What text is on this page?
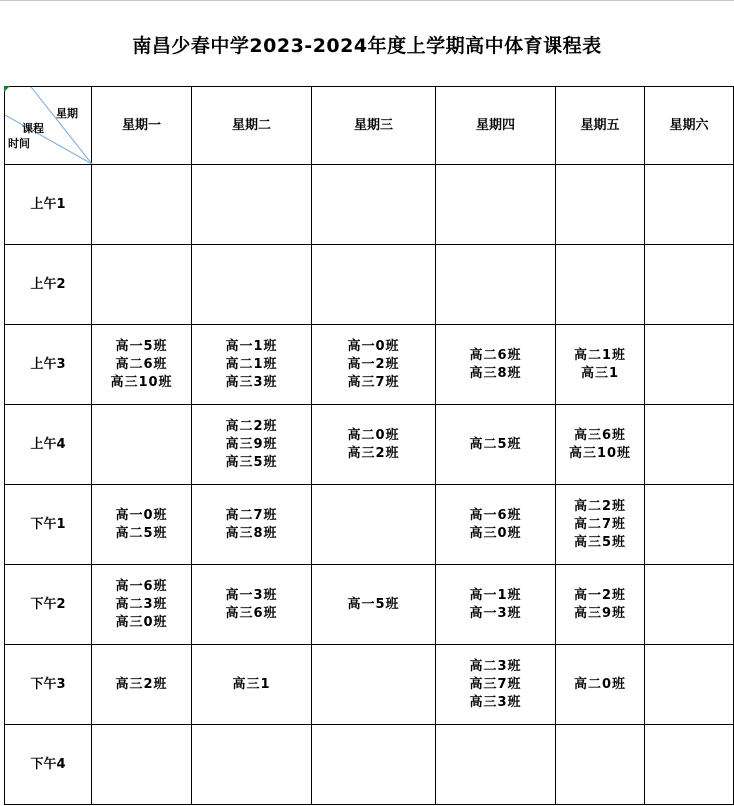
南昌少春中学2023-2024年度上学期高中体育课程表
星期
课程
时间	星期一	星期二	星期三	星期四	星期五	星期六
上午1						
上午2						
上午3	高一5班
高二6班
高三10班	高一1班
高二1班
高三3班	高一0班
高一2班
高三7班	高二6班
高三8班	高二1班
高三1	

上午4		高二2班
高三9班
高三5班	高二0班
高三2班	高二5班	高三6班
高三10班	

下午1	高一0班
高二5班	高二7班
高三8班		高一6班
高三0班	高二2班
高二7班
高三5班	

下午2	高一6班
高二3班
高三0班	高一3班
高三6班	高一5班	高一1班
高一3班	高一2班
高三9班	

下午3	高三2班	高三1		高二3班
高三7班
高三3班	高二0班	

下午4						
